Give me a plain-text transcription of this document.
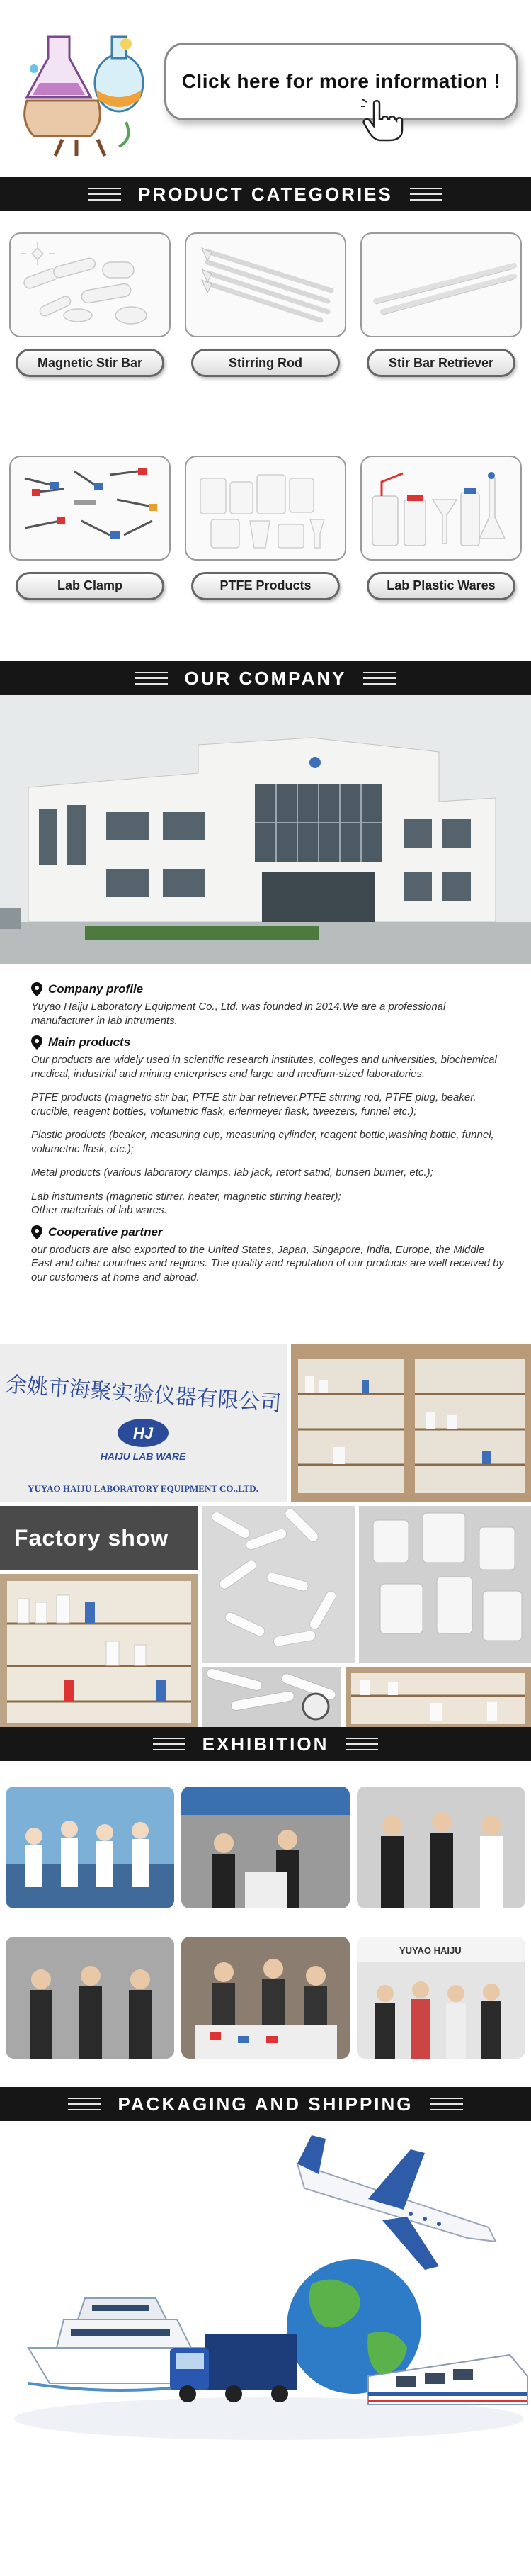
Click here for more information !
PRODUCT CATEGORIES
Magnetic Stir Bar	Stirring Rod	Stir Bar Retriever
Lab Clamp	PTFE Products	Lab Plastic Wares
OUR COMPANY
Company profile

Yuyao Haiju Laboratory Equipment Co., Ltd. was founded in 2014.We are a professional manufacturer in lab intruments.

Main products

Our products are widely used in scientific research institutes, colleges and universities, biochemical medical, industrial and mining enterprises and large and medium-sized laboratories.

PTFE products (magnetic stir bar, PTFE stir bar retriever,PTFE stirring rod, PTFE plug, beaker, crucible, reagent bottles, volumetric flask, erlenmeyer flask, tweezers, funnel etc.);

Plastic products (beaker, measuring cup, measuring cylinder, reagent bottle,washing bottle, funnel, volumetric flask, etc.);

Metal products (various laboratory clamps, lab jack, retort satnd, bunsen burner, etc.);

Lab instuments (magnetic stirrer, heater, magnetic stirring heater);

Other materials of lab wares.

Cooperative partner

our products are also exported to the United States, Japan, Singapore, India, Europe, the Middle East and other countries and regions. The quality and reputation of our products are well received by our customers at home and abroad.

余姚市海聚实验仪器有限公司
HJ
HAIJU LAB WARE
YUYAO HAIJU LABORATORY EQUIPMENT CO.,LTD.
Factory show
EXHIBITION
YUYAO HAIJU
PACKAGING AND SHIPPING
